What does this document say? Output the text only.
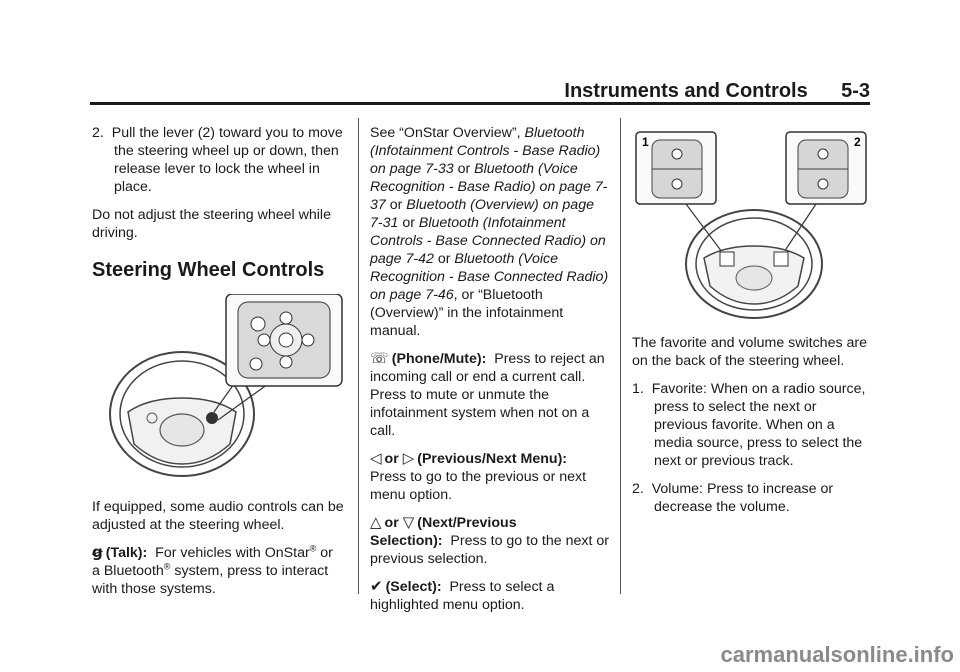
Instruments and Controls 5-3
2. Pull the lever (2) toward you to move the steering wheel up or down, then release lever to lock the wheel in place.

Do not adjust the steering wheel while driving.

Steering Wheel Controls

If equipped, some audio controls can be adjusted at the steering wheel.

ꞡ (Talk): For vehicles with OnStar® or a Bluetooth® system, press to interact with those systems.

See “OnStar Overview”, Bluetooth (Infotainment Controls - Base Radio) on page 7-33 or Bluetooth (Voice Recognition - Base Radio) on page 7-37 or Bluetooth (Overview) on page 7-31 or Bluetooth (Infotainment Controls - Base Connected Radio) on page 7-42 or Bluetooth (Voice Recognition - Base Connected Radio) on page 7-46, or “Bluetooth (Overview)” in the infotainment manual.

☏ (Phone/Mute): Press to reject an incoming call or end a current call. Press to mute or unmute the infotainment system when not on a call.

◁ or ▷ (Previous/Next Menu):
Press to go to the previous or next menu option.

△ or ▽ (Next/Previous Selection): Press to go to the next or previous selection.

✔ (Select): Press to select a highlighted menu option.

1	2

The favorite and volume switches are on the back of the steering wheel.

1. Favorite: When on a radio source, press to select the next or previous favorite. When on a media source, press to select the next or previous track.
2. Volume: Press to increase or decrease the volume.
carmanualsonline.info
